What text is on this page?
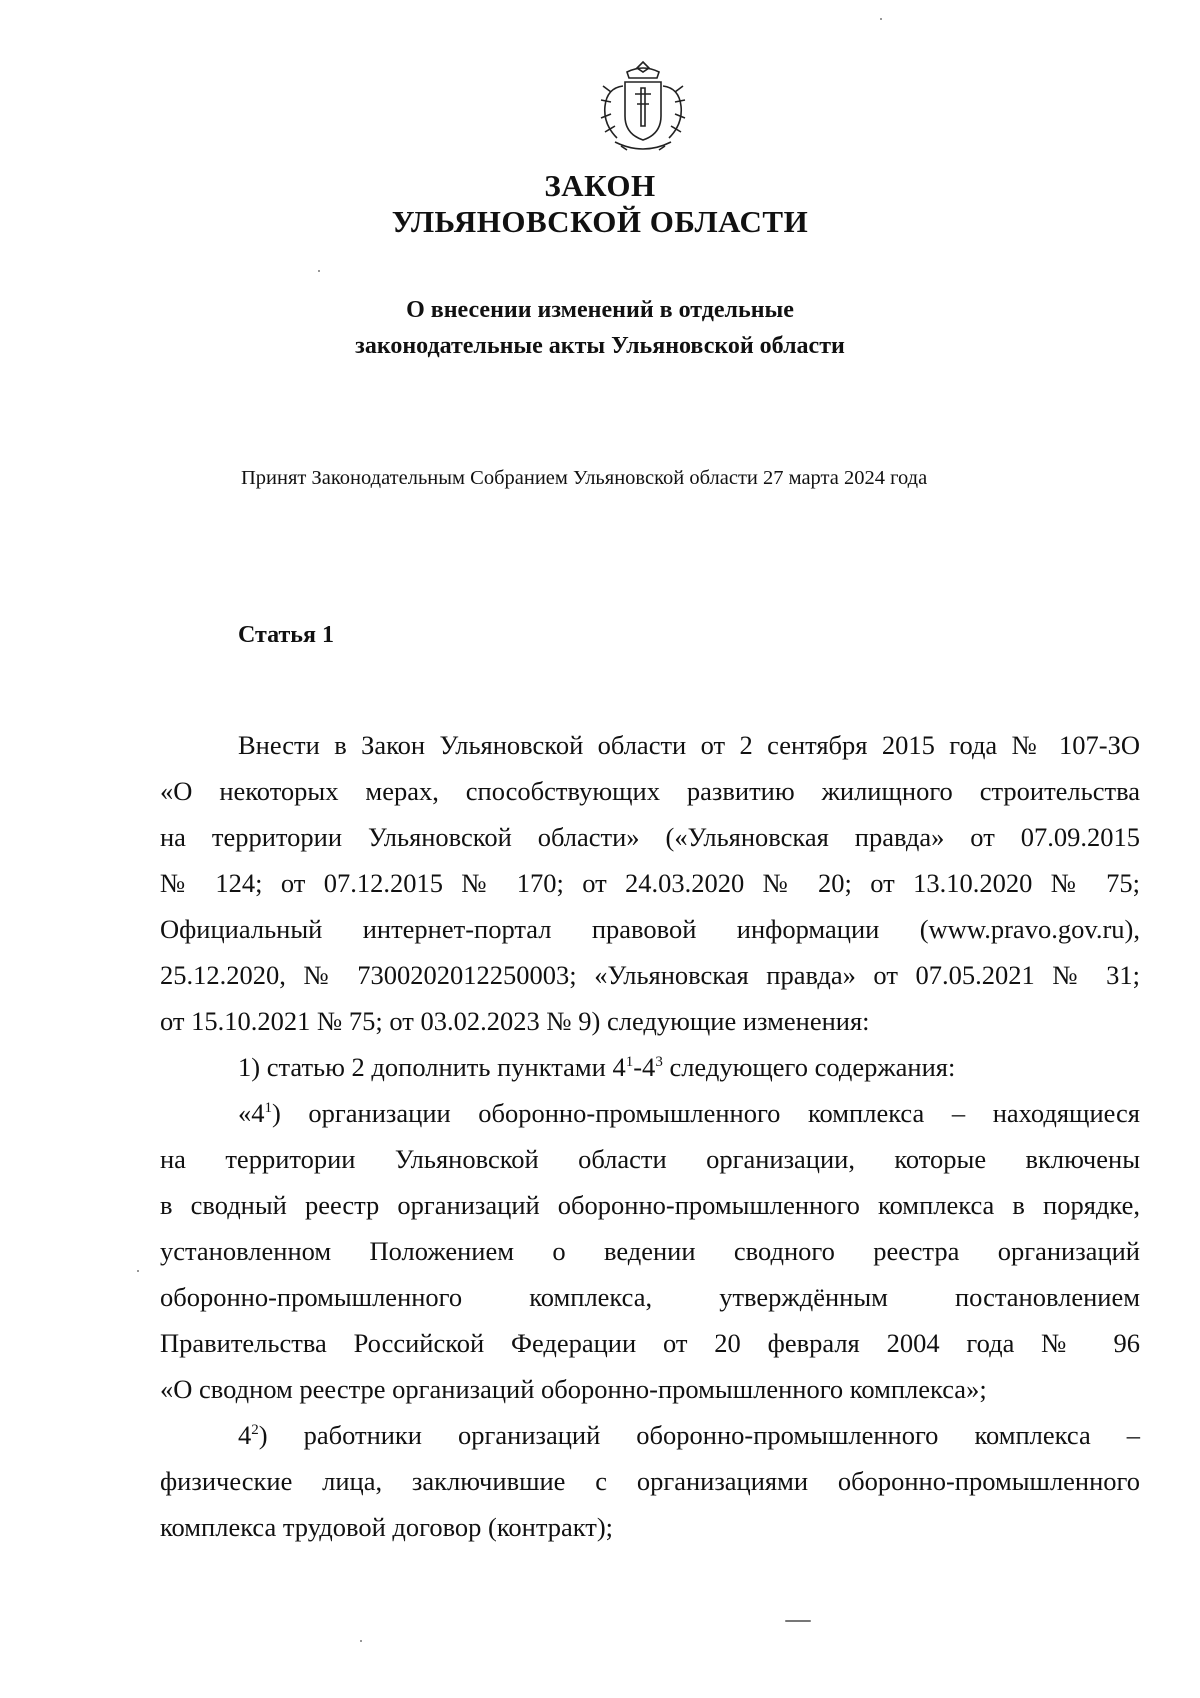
ЗАКОН
УЛЬЯНОВСКОЙ ОБЛАСТИ
О внесении изменений в отдельные
законодательные акты Ульяновской области
Принят Законодательным Собранием Ульяновской области 27 марта 2024 года
Статья 1

Внести в Закон Ульяновской области от 2 сентября 2015 года № 107-ЗО

«О некоторых мерах, способствующих развитию жилищного строительства

на территории Ульяновской области» («Ульяновская правда» от 07.09.2015

№ 124; от 07.12.2015 № 170; от 24.03.2020 № 20; от 13.10.2020 № 75;

Официальный интернет-портал правовой информации (www.pravo.gov.ru),

25.12.2020, № 7300202012250003; «Ульяновская правда» от 07.05.2021 № 31;

от 15.10.2021 № 75; от 03.02.2023 № 9) следующие изменения:

1) статью 2 дополнить пунктами $4^1-4^3$ следующего содержания:

«$4^1$) организации оборонно-промышленного комплекса – находящиеся

на территории Ульяновской области организации, которые включены

в сводный реестр организаций оборонно-промышленного комплекса в порядке,

установленном Положением о ведении сводного реестра организаций

оборонно-промышленного комплекса, утверждённым постановлением

Правительства Российской Федерации от 20 февраля 2004 года № 96

«О сводном реестре организаций оборонно-промышленного комплекса»;

$4^2$) работники организаций оборонно-промышленного комплекса –

физические лица, заключившие с организациями оборонно-промышленного

комплекса трудовой договор (контракт);
